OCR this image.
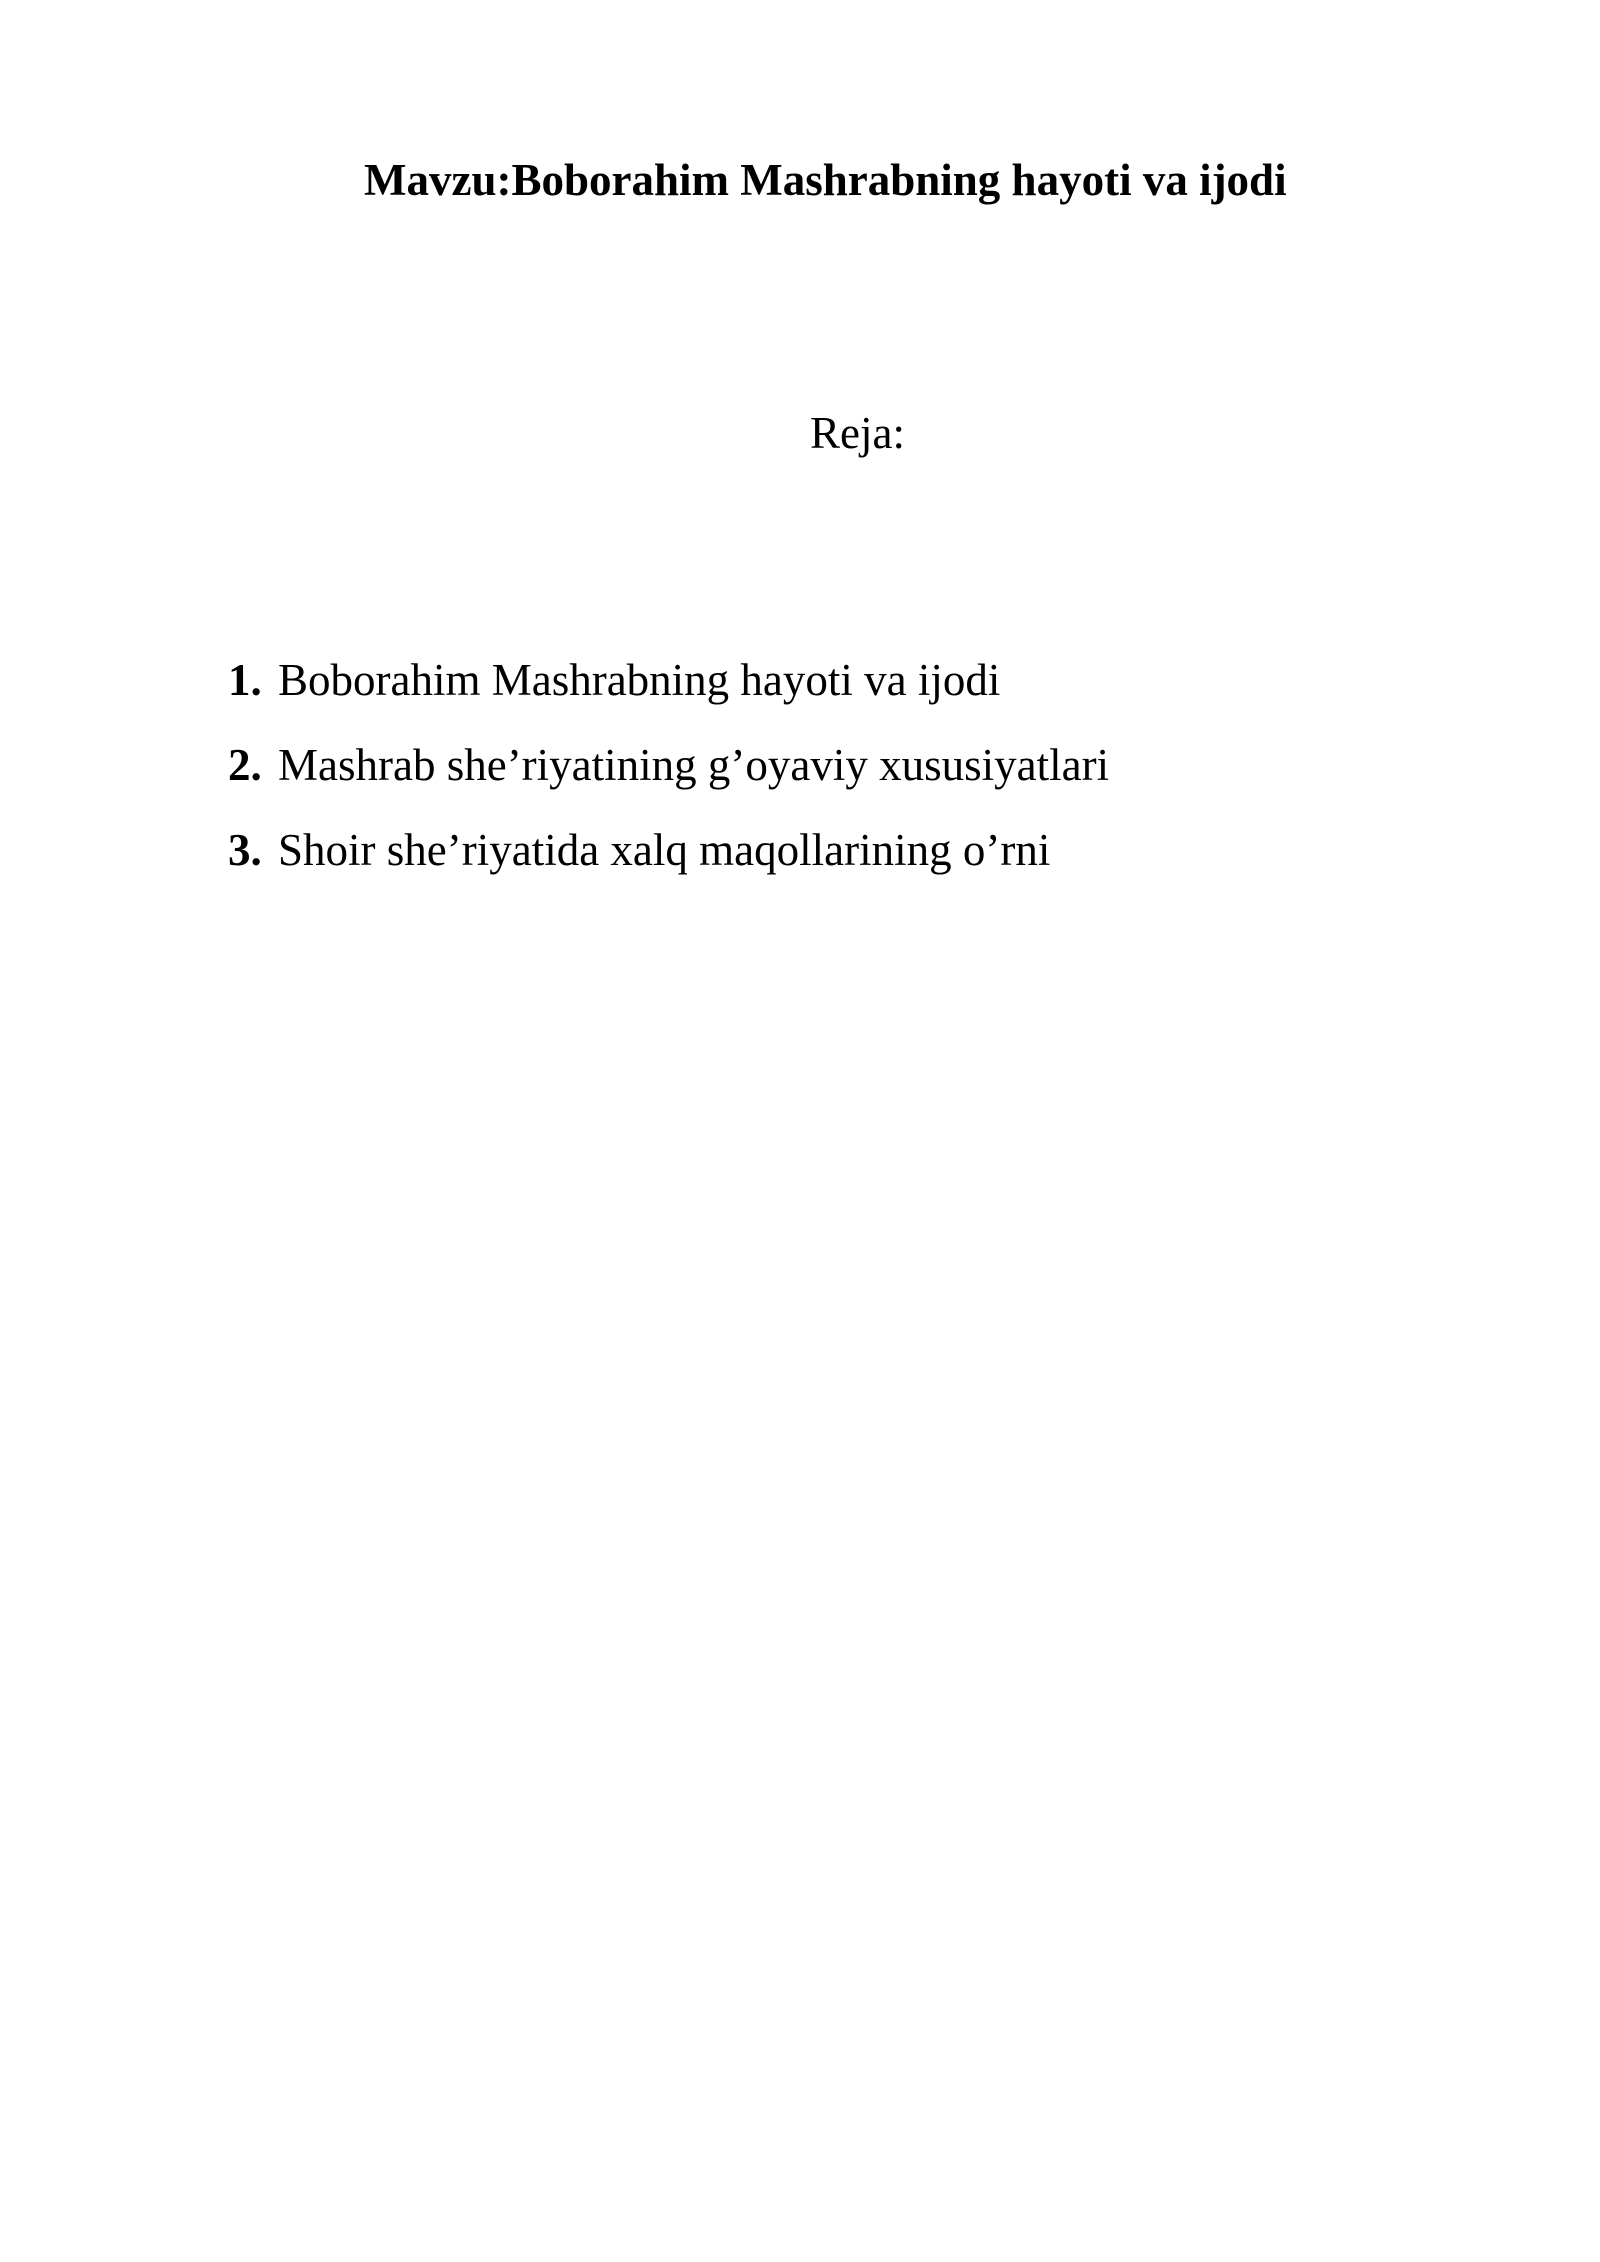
Mavzu:Boborahim Mashrabning hayoti va ijodi
Reja:
1. Boborahim Mashrabning hayoti va ijodi
2. Mashrab she’riyatining g’oyaviy xususiyatlari
3. Shoir she’riyatida xalq maqollarining o’rni
